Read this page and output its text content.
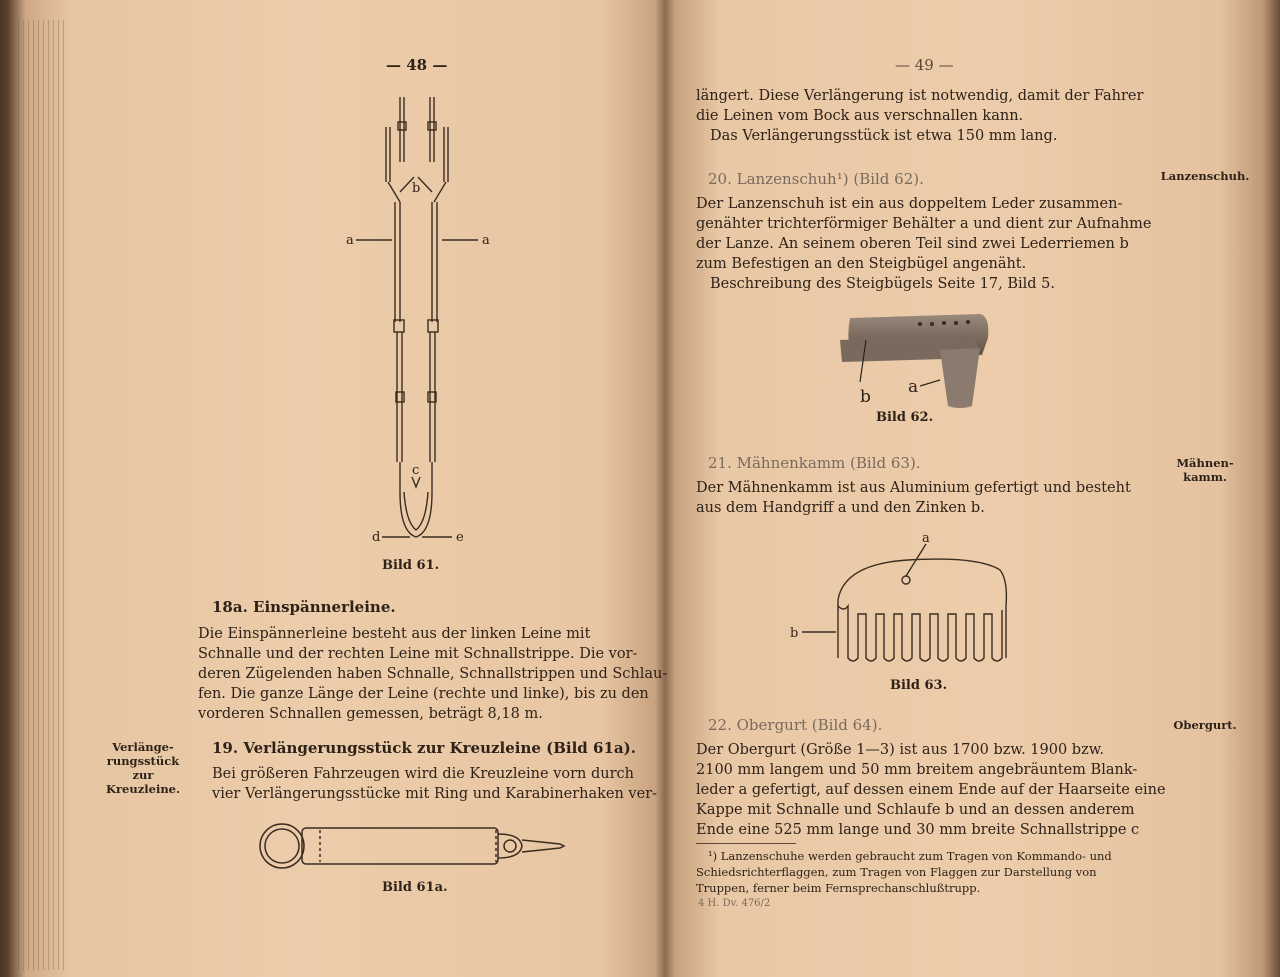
— 48 —
b
a	a
c
d	e
Bild 61.
18a. Einspännerleine.
Die Einspännerleine besteht aus der linken Leine mit
Schnalle und der rechten Leine mit Schnallstrippe. Die vor-
deren Zügelenden haben Schnalle, Schnallstrippen und Schlau-
fen. Die ganze Länge der Leine (rechte und linke), bis zu den
vorderen Schnallen gemessen, beträgt 8,18 m.
Verlänge-
rungsstück zur
Kreuzleine.
19. Verlängerungsstück zur Kreuzleine (Bild 61a).
Bei größeren Fahrzeugen wird die Kreuzleine vorn durch
vier Verlängerungsstücke mit Ring und Karabinerhaken ver-
Bild 61a.
— 49 —
längert. Diese Verlängerung ist notwendig, damit der Fahrer
die Leinen vom Bock aus verschnallen kann.
Das Verlängerungsstück ist etwa 150 mm lang.
Lanzenschuh.
20. Lanzenschuh¹) (Bild 62).
Der Lanzenschuh ist ein aus doppeltem Leder zusammen-
genähter trichterförmiger Behälter a und dient zur Aufnahme
der Lanze. An seinem oberen Teil sind zwei Lederriemen b
zum Befestigen an den Steigbügel angenäht.
Beschreibung des Steigbügels Seite 17, Bild 5.
b a
Bild 62.
Mähnen-
kamm.
21. Mähnenkamm (Bild 63).
Der Mähnenkamm ist aus Aluminium gefertigt und besteht
aus dem Handgriff a und den Zinken b.
a
b
Bild 63.
Obergurt.
22. Obergurt (Bild 64).
Der Obergurt (Größe 1—3) ist aus 1700 bzw. 1900 bzw.
2100 mm langem und 50 mm breitem angebräuntem Blank-
leder a gefertigt, auf dessen einem Ende auf der Haarseite eine
Kappe mit Schnalle und Schlaufe b und an dessen anderem
Ende eine 525 mm lange und 30 mm breite Schnallstrippe c
¹) Lanzenschuhe werden gebraucht zum Tragen von Kommando- und
Schiedsrichterflaggen, zum Tragen von Flaggen zur Darstellung von
Truppen, ferner beim Fernsprechanschlußtrupp.
4 H. Dv. 476/2
